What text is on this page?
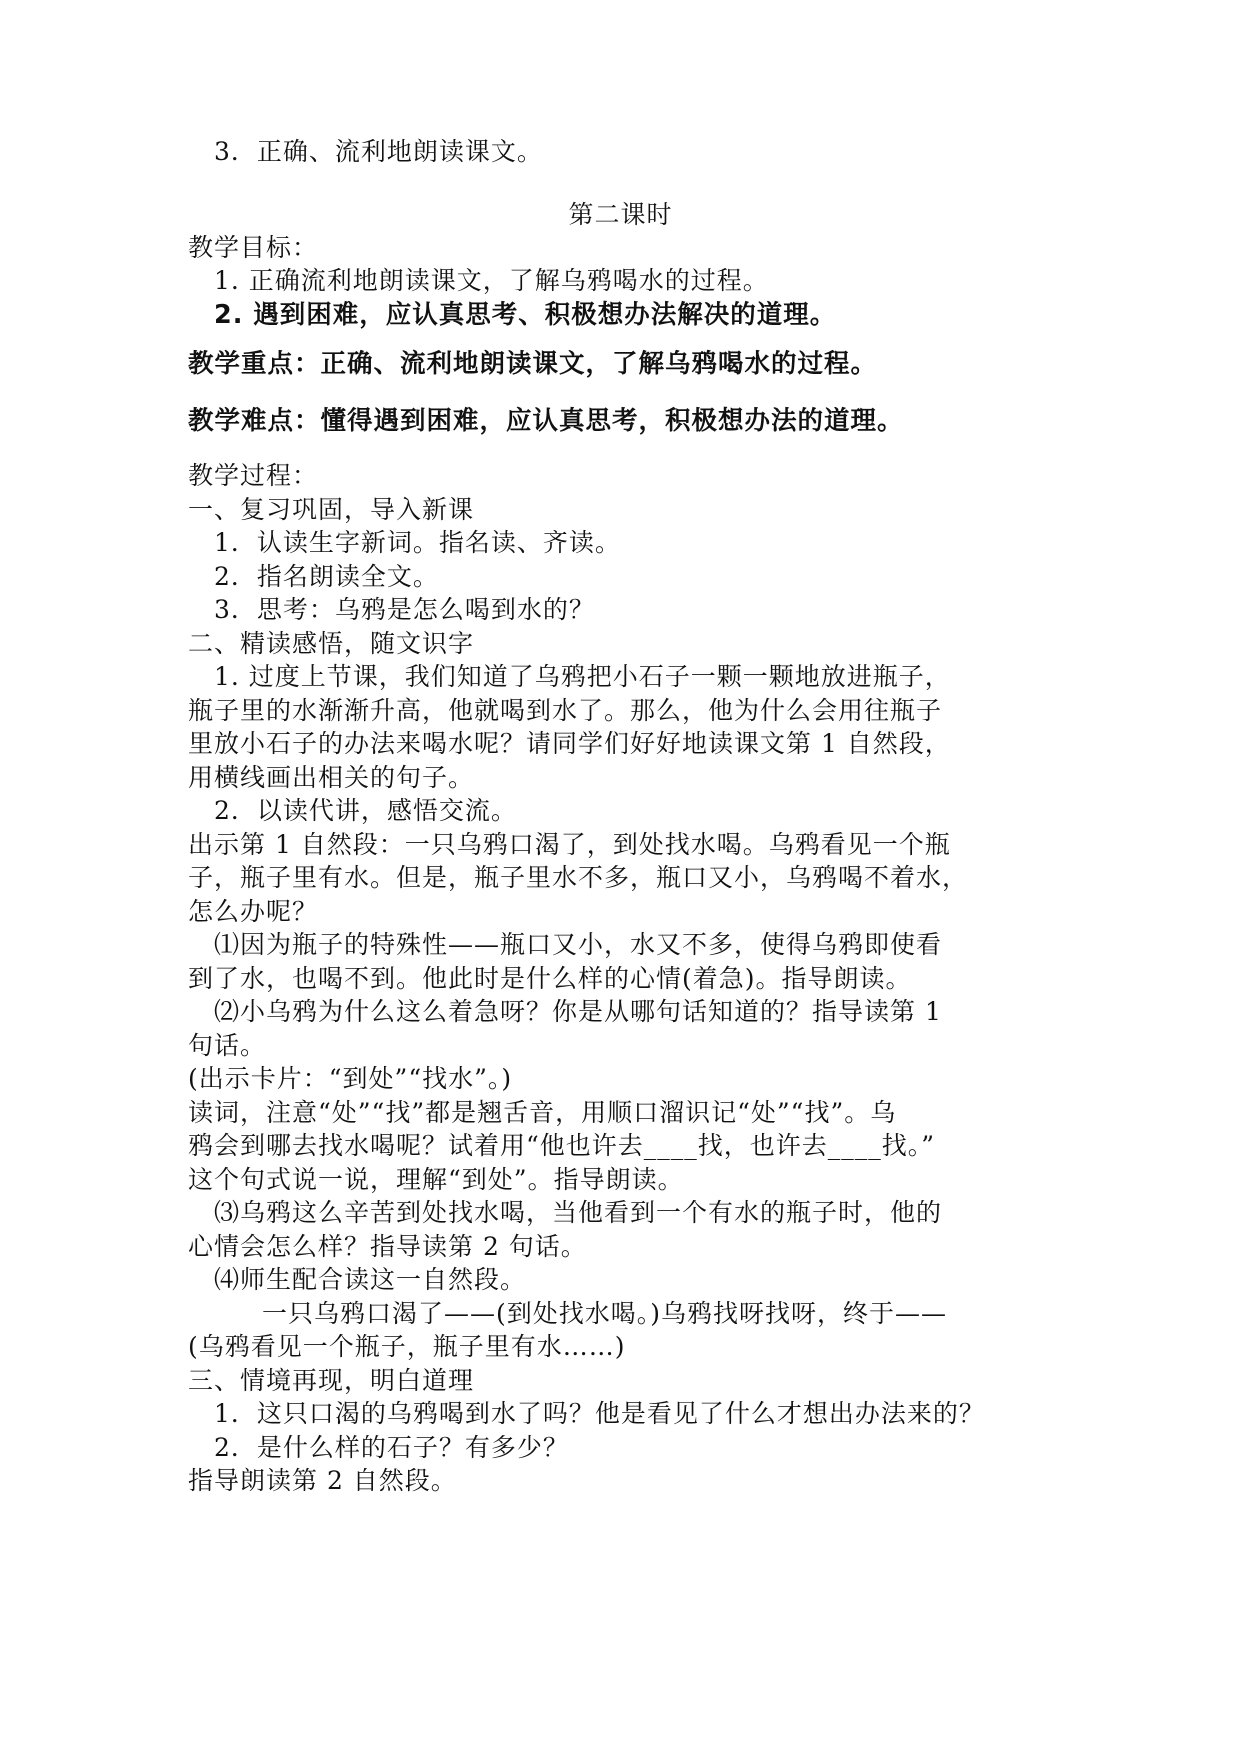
3．正确、流利地朗读课文。
第二课时
教学目标：
1. 正确流利地朗读课文，了解乌鸦喝水的过程。
2. 遇到困难，应认真思考、积极想办法解决的道理。
教学重点：正确、流利地朗读课文，了解乌鸦喝水的过程。
教学难点：懂得遇到困难，应认真思考，积极想办法的道理。
教学过程：
一、复习巩固，导入新课
1．认读生字新词。指名读、齐读。
2．指名朗读全文。
3．思考：乌鸦是怎么喝到水的？
二、精读感悟，随文识字
1. 过度上节课，我们知道了乌鸦把小石子一颗一颗地放进瓶子，
瓶子里的水渐渐升高，他就喝到水了。那么，他为什么会用往瓶子
里放小石子的办法来喝水呢？请同学们好好地读课文第 1 自然段，
用横线画出相关的句子。
2．以读代讲，感悟交流。
出示第 1 自然段：一只乌鸦口渴了，到处找水喝。乌鸦看见一个瓶
子，瓶子里有水。但是，瓶子里水不多，瓶口又小，乌鸦喝不着水，
怎么办呢？
⑴因为瓶子的特殊性——瓶口又小，水又不多，使得乌鸦即使看
到了水，也喝不到。他此时是什么样的心情(着急)。指导朗读。
⑵小乌鸦为什么这么着急呀？你是从哪句话知道的？指导读第 1
句话。
(出示卡片：“到处”“找水”。)
读词，注意“处”“找”都是翘舌音，用顺口溜识记“处”“找”。乌
鸦会到哪去找水喝呢？试着用“他也许去____找，也许去____找。”
这个句式说一说，理解“到处”。指导朗读。
⑶乌鸦这么辛苦到处找水喝，当他看到一个有水的瓶子时，他的
心情会怎么样？指导读第 2 句话。
⑷师生配合读这一自然段。
一只乌鸦口渴了——(到处找水喝。)乌鸦找呀找呀，终于——
(乌鸦看见一个瓶子，瓶子里有水……)
三、情境再现，明白道理
1．这只口渴的乌鸦喝到水了吗？他是看见了什么才想出办法来的？
2．是什么样的石子？有多少？
指导朗读第 2 自然段。
